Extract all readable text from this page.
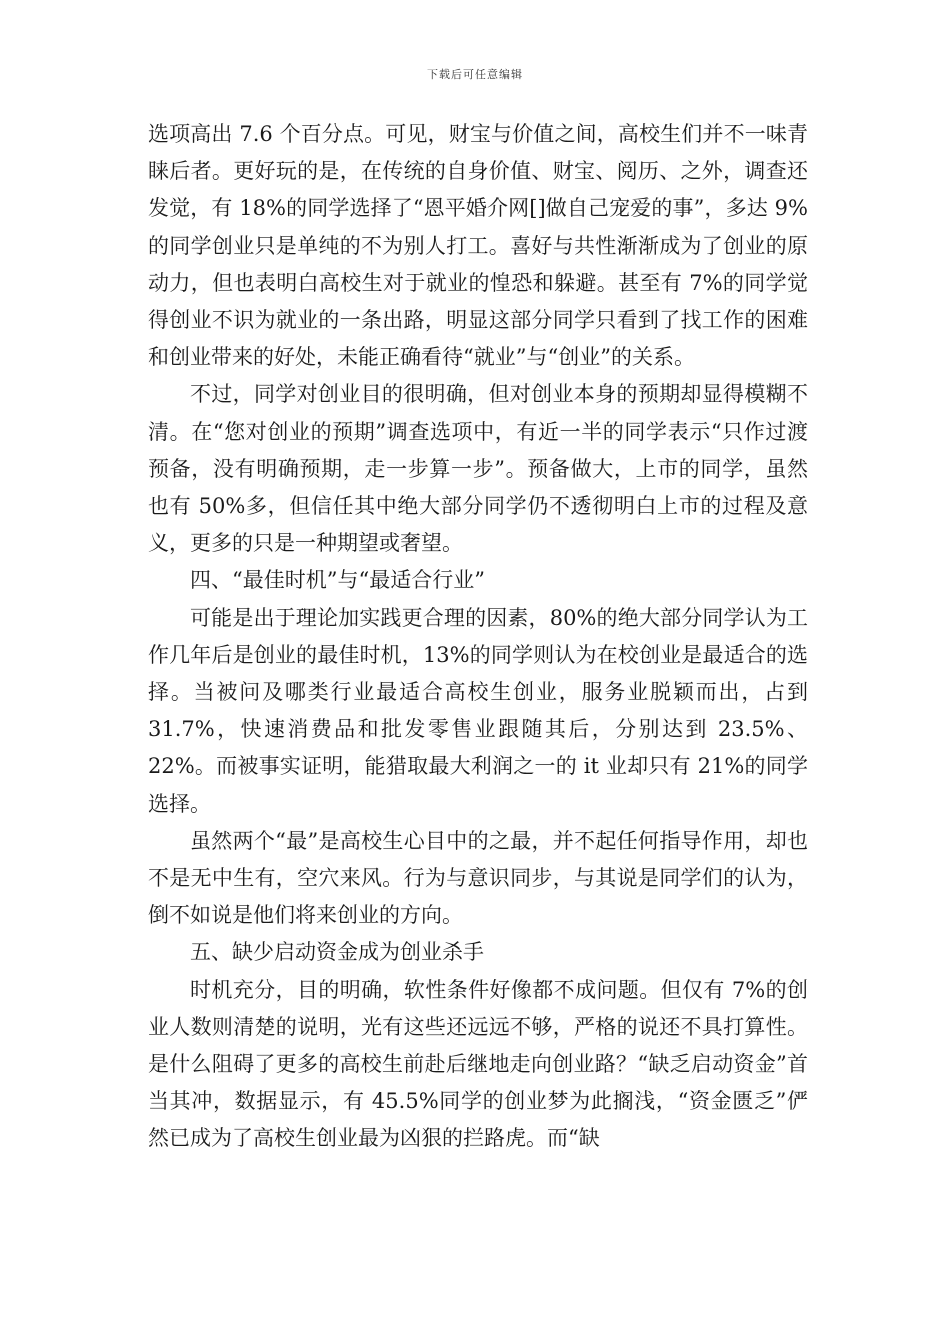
下载后可任意编辑

选项高出 7.6 个百分点。可见，财宝与价值之间，高校生们并不一味青睐后者。更好玩的是，在传统的自身价值、财宝、阅历、之外，调查还发觉，有 18%的同学选择了“恩平婚介网[]做自己宠爱的事”，多达 9%的同学创业只是单纯的不为别人打工。喜好与共性渐渐成为了创业的原动力，但也表明白高校生对于就业的惶恐和躲避。甚至有 7%的同学觉得创业不识为就业的一条出路，明显这部分同学只看到了找工作的困难和创业带来的好处，未能正确看待“就业”与“创业”的关系。

不过，同学对创业目的很明确，但对创业本身的预期却显得模糊不清。在“您对创业的预期”调查选项中，有近一半的同学表示“只作过渡预备，没有明确预期，走一步算一步”。预备做大，上市的同学，虽然也有 50%多，但信任其中绝大部分同学仍不透彻明白上市的过程及意义，更多的只是一种期望或奢望。

四、“最佳时机”与“最适合行业”

可能是出于理论加实践更合理的因素，80%的绝大部分同学认为工作几年后是创业的最佳时机，13%的同学则认为在校创业是最适合的选择。当被问及哪类行业最适合高校生创业，服务业脱颖而出，占到 31.7%，快速消费品和批发零售业跟随其后，分别达到 23.5%、22%。而被事实证明，能猎取最大利润之一的 it 业却只有 21%的同学选择。

虽然两个“最”是高校生心目中的之最，并不起任何指导作用，却也不是无中生有，空穴来风。行为与意识同步，与其说是同学们的认为，倒不如说是他们将来创业的方向。

五、缺少启动资金成为创业杀手

时机充分，目的明确，软性条件好像都不成问题。但仅有 7%的创业人数则清楚的说明，光有这些还远远不够，严格的说还不具打算性。是什么阻碍了更多的高校生前赴后继地走向创业路？“缺乏启动资金”首当其冲，数据显示，有 45.5%同学的创业梦为此搁浅，“资金匮乏”俨然已成为了高校生创业最为凶狠的拦路虎。而“缺
